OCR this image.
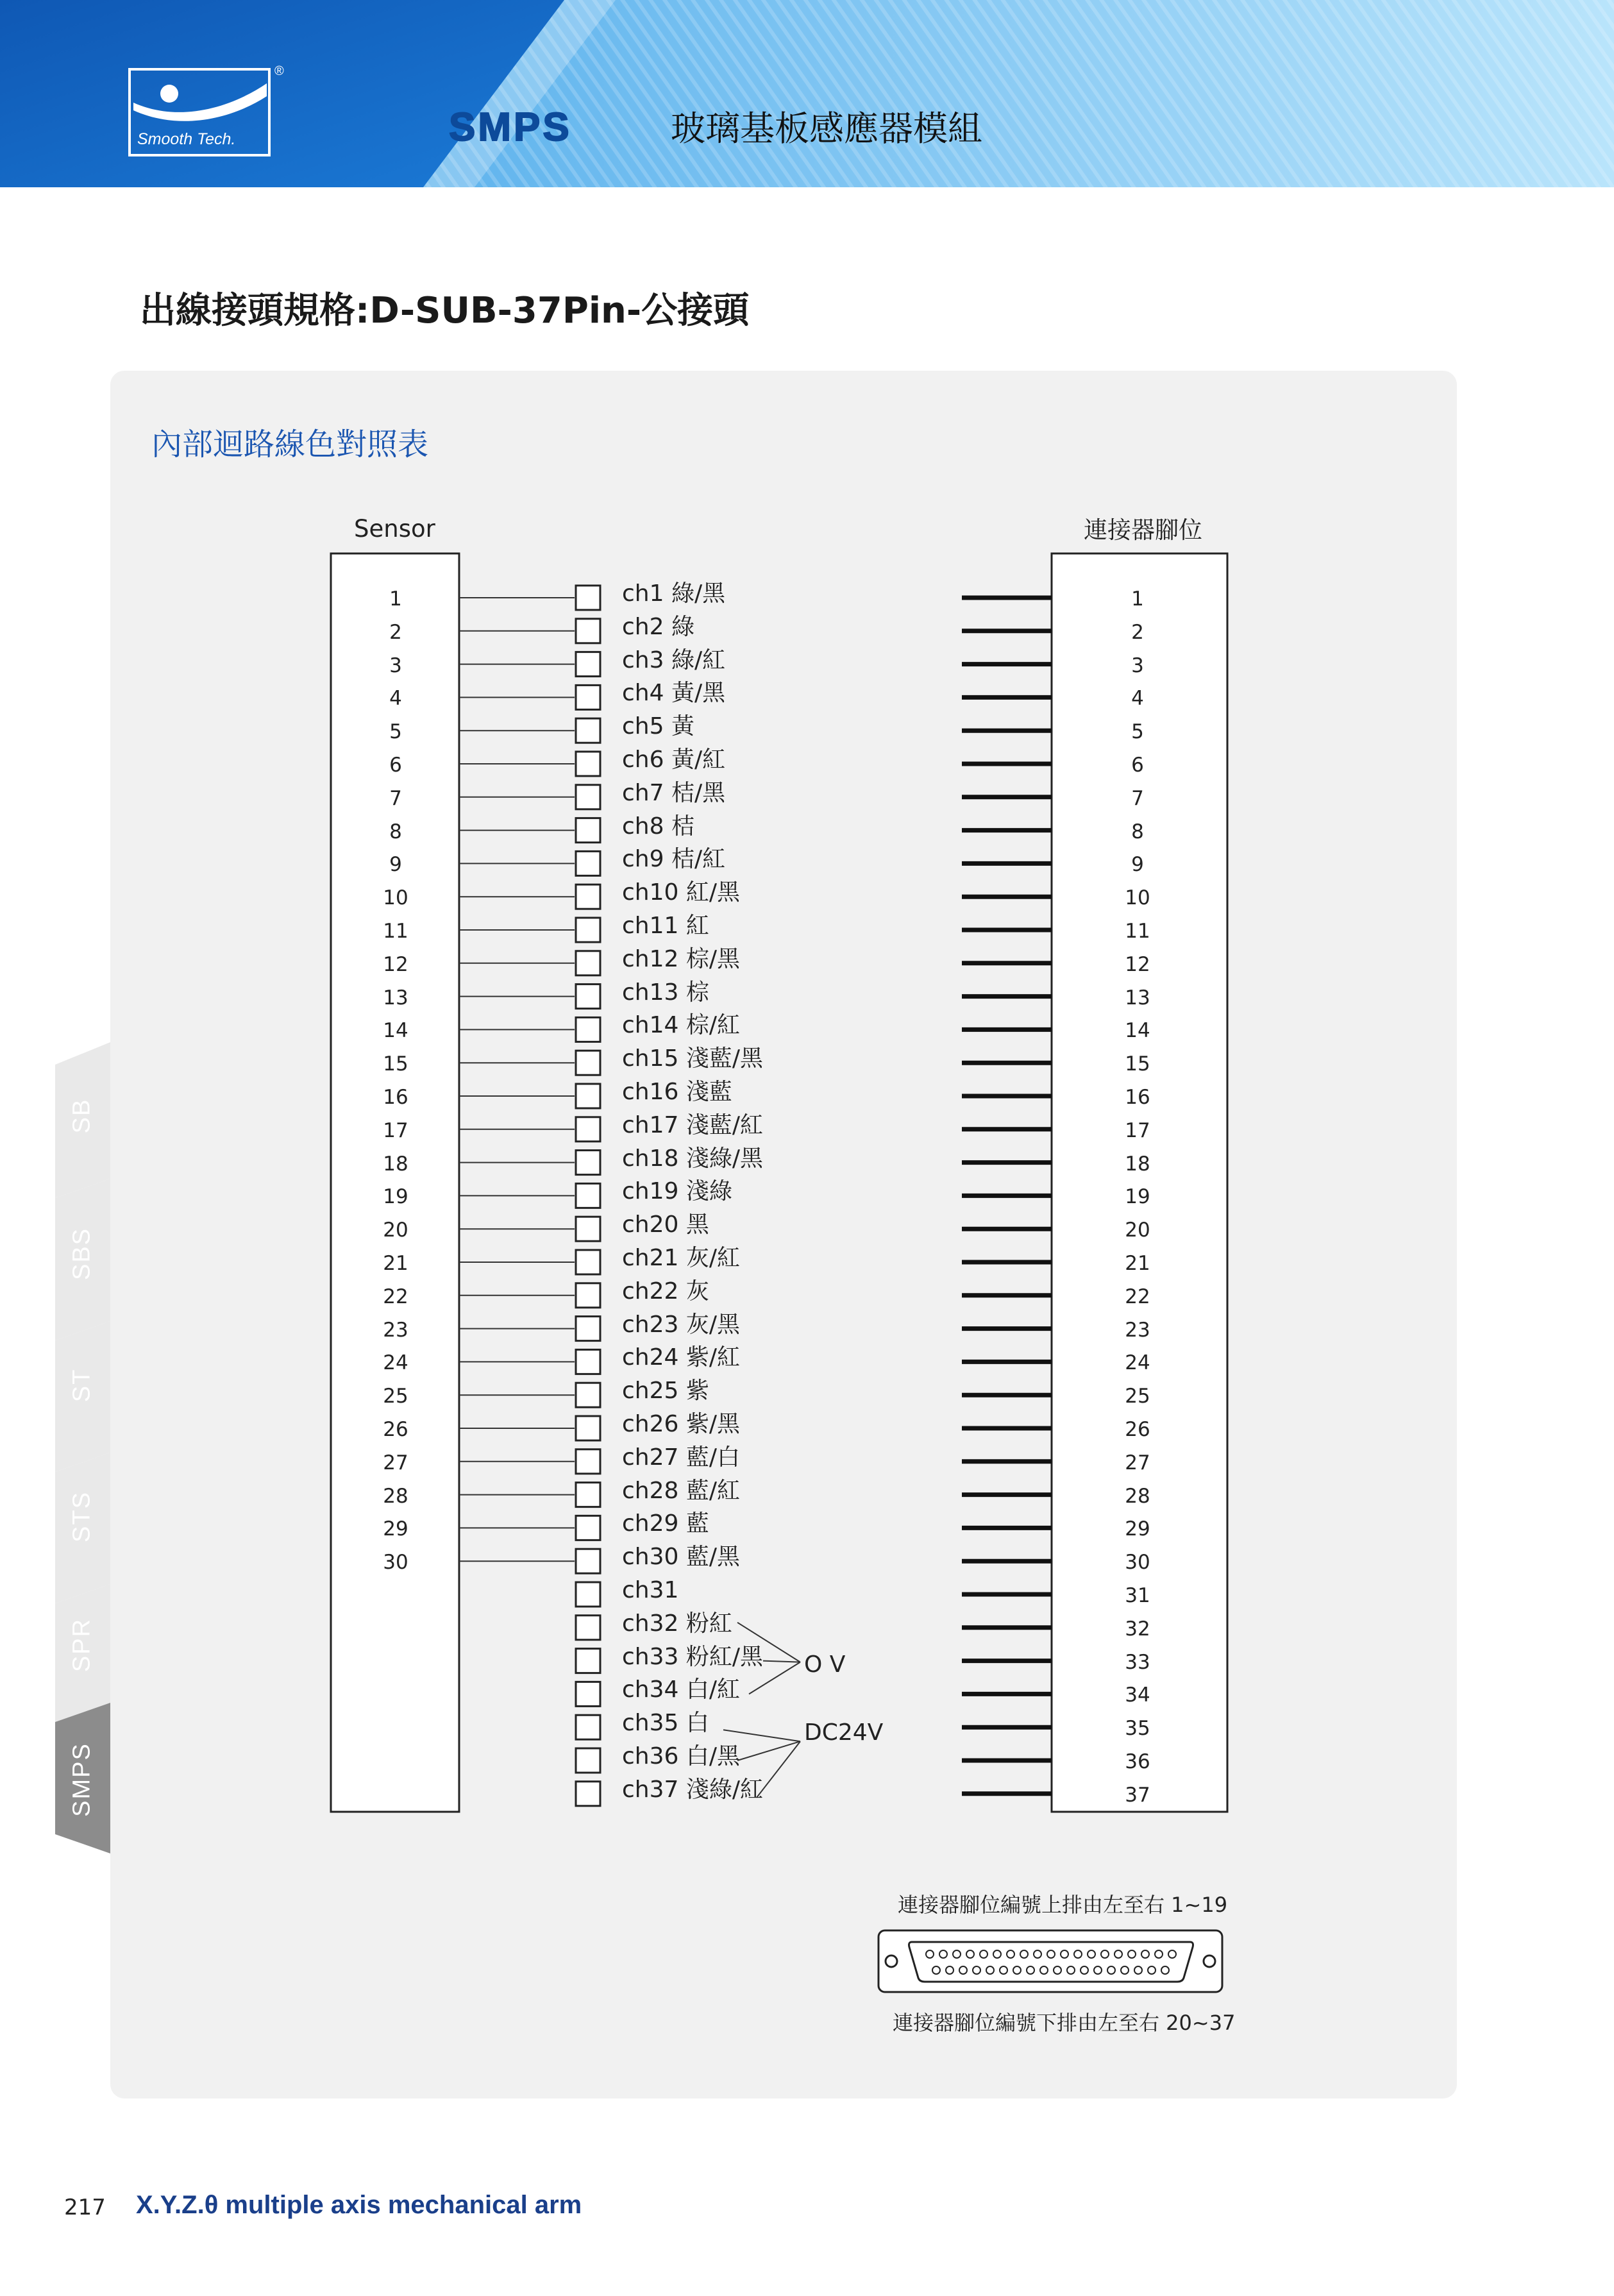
Smooth Tech.
®
SMPS	玻璃基板感應器模組
出線接頭規格:D-SUB-37Pin-公接頭
SB
SBS
ST
STS
SPR
SMPS
內部迴路線色對照表
Sensor	連接器腳位
1
2
3
4
5
6
7
8
9
10
11
12
13
14
15
16
17
18
19
20
21
22
23
24
25
26
27
28
29
30
1
2
3
4
5
6
7
8
9
10
11
12
13
14
15
16
17
18
19
20
21
22
23
24
25
26
27
28
29
30
31
32
33
34
35
36
37
ch1 綠/黑
ch2 綠
ch3 綠/紅
ch4 黃/黑
ch5 黃
ch6 黃/紅
ch7 桔/黑
ch8 桔
ch9 桔/紅
ch10 紅/黑
ch11 紅
ch12 棕/黑
ch13 棕
ch14 棕/紅
ch15 淺藍/黑
ch16 淺藍
ch17 淺藍/紅
ch18 淺綠/黑
ch19 淺綠
ch20 黑
ch21 灰/紅
ch22 灰
ch23 灰/黑
ch24 紫/紅
ch25 紫
ch26 紫/黑
ch27 藍/白
ch28 藍/紅
ch29 藍
ch30 藍/黑
ch31
ch32 粉紅
ch33 粉紅/黑
ch34 白/紅
ch35 白
ch36 白/黑
ch37 淺綠/紅
O V
DC24V
連接器腳位編號上排由左至右 1~19
連接器腳位編號下排由左至右 20~37
217 X.Y.Z.θ multiple axis mechanical arm
